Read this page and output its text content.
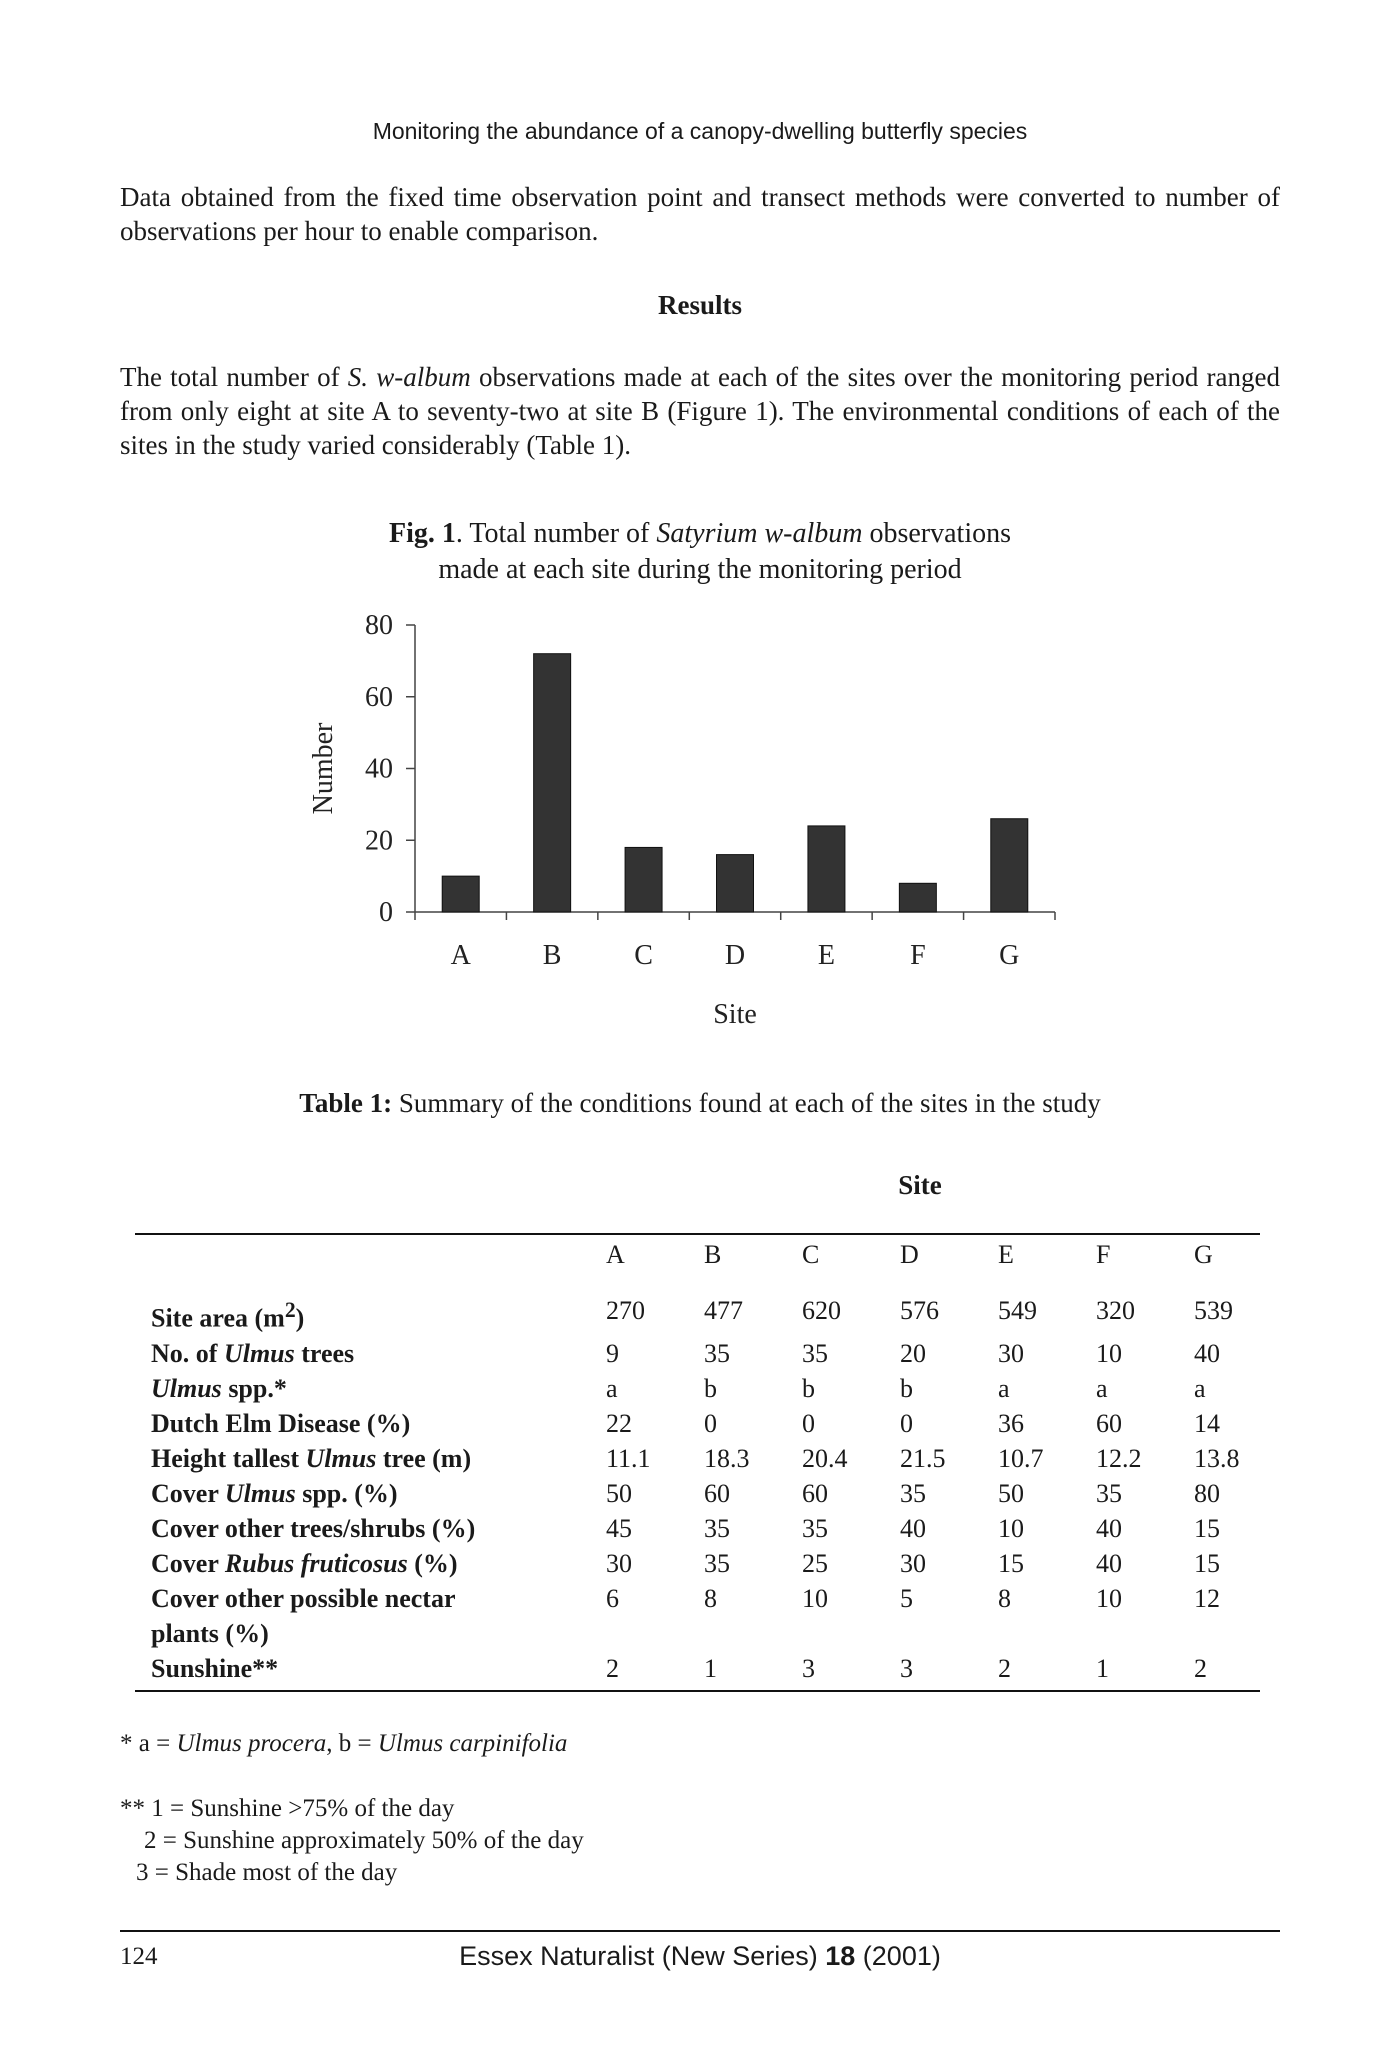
Monitoring the abundance of a canopy-dwelling butterfly species

Data obtained from the fixed time observation point and transect methods were converted to number of observations per hour to enable comparison.

Results

The total number of S. w-album observations made at each of the sites over the monitoring period ranged from only eight at site A to seventy-two at site B (Figure 1). The environmental conditions of each of the sites in the study varied considerably (Table 1).

Fig. 1. Total number of Satyrium w-album observations made at each site during the monitoring period
0
20
40
60
80
A	B	C	D	E	F	G
Site
Number
Table 1: Summary of the conditions found at each of the sites in the study
Site
	A	B	C	D	E	F	G
Site area $(m^2)$	270	477	620	576	549	320	539
No. of Ulmus trees	9	35	35	20	30	10	40
Ulmus spp.*	a	b	b	b	a	a	a
Dutch Elm Disease (%)	22	0	0	0	36	60	14
Height tallest Ulmus tree (m)	11.1	18.3	20.4	21.5	10.7	12.2	13.8
Cover Ulmus spp. (%)	50	60	60	35	50	35	80
Cover other trees/shrubs (%)	45	35	35	40	10	40	15
Cover Rubus fruticosus (%)	30	35	25	30	15	40	15
Cover other possible nectar	6	8	10	5	8	10	12
plants (%)							
Sunshine**	2	1	3	3	2	1	2

* a = Ulmus procera, b = Ulmus carpinifolia

** 1 = Sunshine >75% of the day
2 = Sunshine approximately 50% of the day
3 = Shade most of the day
124	Essex Naturalist (New Series) 18 (2001)
